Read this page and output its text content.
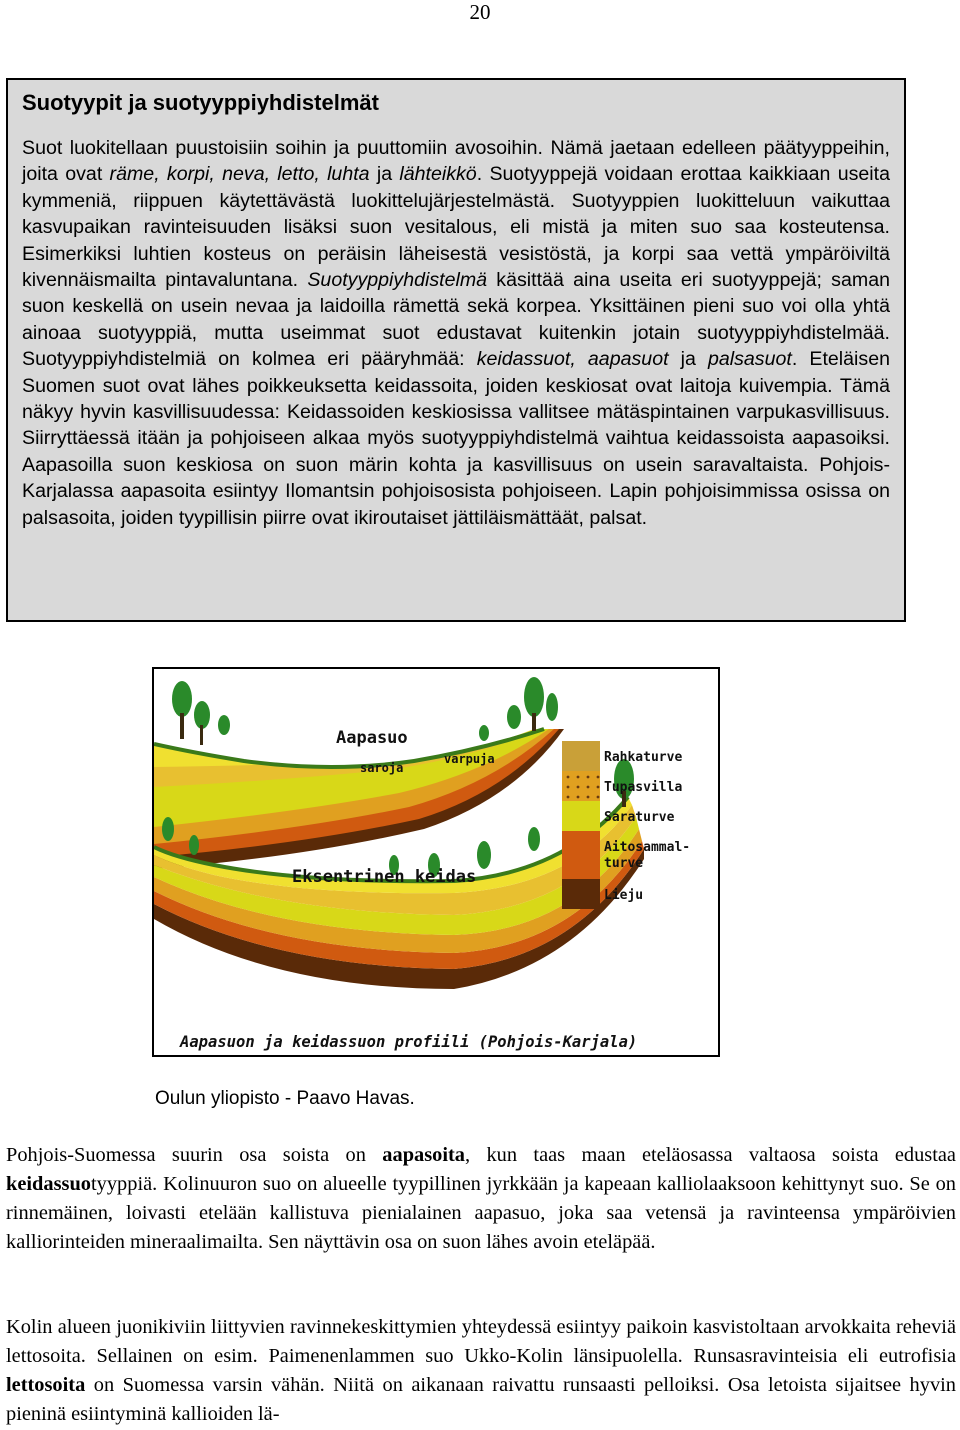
20
Suotyypit ja suotyyppiyhdistelmät

Suot luokitellaan puustoisiin soihin ja puuttomiin avosoihin. Nämä jaetaan edelleen päätyyppeihin, joita ovat räme, korpi, neva, letto, luhta ja lähteikkö. Suotyyppejä voidaan erottaa kaikkiaan useita kymmeniä, riippuen käytettävästä luokittelujärjestelmästä. Suotyyppien luokitteluun vaikuttaa kasvupaikan ravinteisuuden lisäksi suon vesitalous, eli mistä ja miten suo saa kosteutensa. Esimerkiksi luhtien kosteus on peräisin läheisestä vesistöstä, ja korpi saa vettä ympäröiviltä kivennäismailta pintavaluntana. Suotyyppiyhdistelmä käsittää aina useita eri suotyyppejä; saman suon keskellä on usein nevaa ja laidoilla rämettä sekä korpea. Yksittäinen pieni suo voi olla yhtä ainoaa suotyyppiä, mutta useimmat suot edustavat kuitenkin jotain suotyyppiyhdistelmää. Suotyyppiyhdistelmiä on kolmea eri pääryhmää: keidassuot, aapasuot ja palsasuot. Eteläisen Suomen suot ovat lähes poikkeuksetta keidassoita, joiden keskiosat ovat laitoja kuivempia. Tämä näkyy hyvin kasvillisuudessa: Keidassoiden keskiosissa vallitsee mätäspintainen varpukasvillisuus. Siirryttäessä itään ja pohjoiseen alkaa myös suotyyppiyhdistelmä vaihtua keidassoista aapasoiksi. Aapasoilla suon keskiosa on suon märin kohta ja kasvillisuus on usein saravaltaista. Pohjois-Karjalassa aapasoita esiintyy Ilomantsin pohjoisosista pohjoiseen. Lapin pohjoisimmissa osissa on palsasoita, joiden tyypillisin piirre ovat ikiroutaiset jättiläismättäät, palsat.

Rahkaturve
Tupasvilla
Saraturve
Aitosammal-
turve
Lieju
Aapasuo
saroja
varpuja
Eksentrinen keidas
Aapasuon ja keidassuon profiili (Pohjois-Karjala)
Oulun yliopisto - Paavo Havas.

Pohjois-Suomessa suurin osa soista on aapasoita, kun taas maan eteläosassa valtaosa soista edustaa keidassuotyyppiä. Kolinuuron suo on alueelle tyypillinen jyrkkään ja kapeaan kalliolaaksoon kehittynyt suo. Se on rinnemäinen, loivasti etelään kallistuva pienialainen aapasuo, joka saa vetensä ja ravinteensa ympäröivien kalliorinteiden mineraalimailta. Sen näyttävin osa on suon lähes avoin eteläpää.

Kolin alueen juonikiviin liittyvien ravinnekeskittymien yhteydessä esiintyy paikoin kasvistoltaan arvokkaita reheviä lettosoita. Sellainen on esim. Paimenenlammen suo Ukko-Kolin länsipuolella. Runsasravinteisia eli eutrofisia lettosoita on Suomessa varsin vähän. Niitä on aikanaan raivattu runsaasti pelloiksi. Osa letoista sijaitsee hyvin pieninä esiintyminä kallioiden lä-
